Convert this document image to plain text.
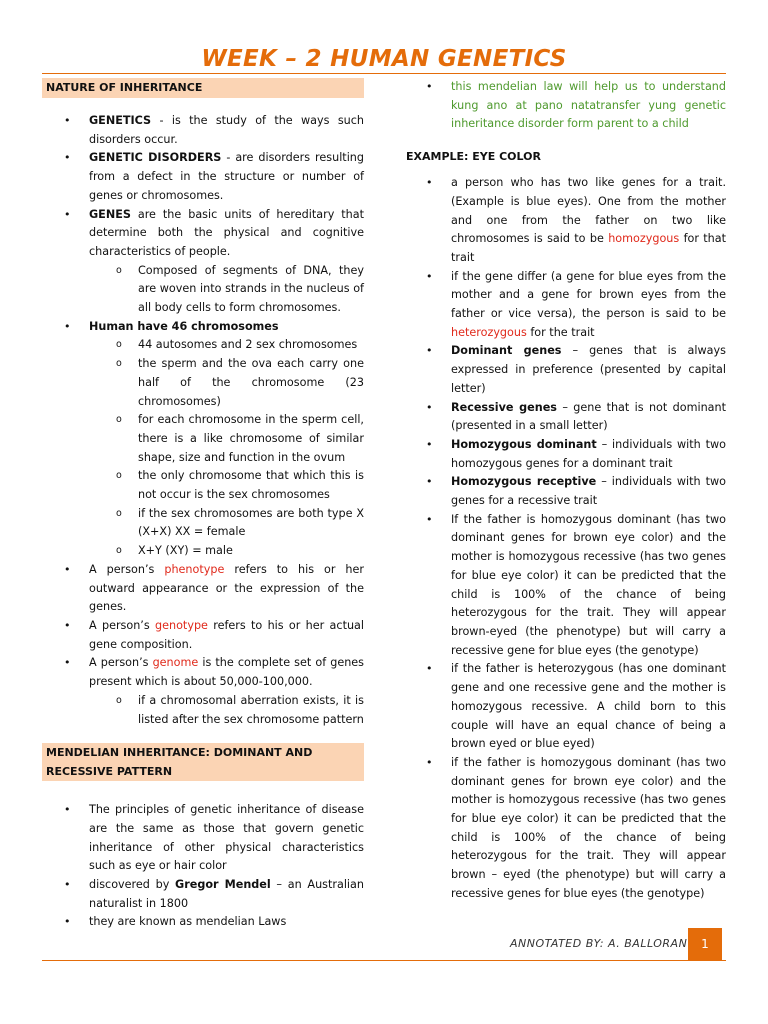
WEEK – 2 HUMAN GENETICS
NATURE OF INHERITANCE
• GENETICS - is the study of the ways such disorders occur.
• GENETIC DISORDERS - are disorders resulting from a defect in the structure or number of genes or chromosomes.
• GENES are the basic units of hereditary that determine both the physical and cognitive characteristics of people.
o Composed of segments of DNA, they are woven into strands in the nucleus of all body cells to form chromosomes.
• Human have 46 chromosomes
o 44 autosomes and 2 sex chromosomes
o the sperm and the ova each carry one half of the chromosome (23 chromosomes)
o for each chromosome in the sperm cell, there is a like chromosome of similar shape, size and function in the ovum
o the only chromosome that which this is not occur is the sex chromosomes
o if the sex chromosomes are both type X (X+X) XX = female
o X+Y (XY) = male
• A person’s phenotype refers to his or her outward appearance or the expression of the genes.
• A person’s genotype refers to his or her actual gene composition.
• A person’s genome is the complete set of genes present which is about 50,000-100,000.
o if a chromosomal aberration exists, it is listed after the sex chromosome pattern
MENDELIAN INHERITANCE: DOMINANT AND RECESSIVE PATTERN
• The principles of genetic inheritance of disease are the same as those that govern genetic inheritance of other physical characteristics such as eye or hair color
• discovered by Gregor Mendel – an Australian naturalist in 1800
• they are known as mendelian Laws
• this mendelian law will help us to understand kung ano at pano natatransfer yung genetic inheritance disorder form parent to a child
EXAMPLE: EYE COLOR
• a person who has two like genes for a trait. (Example is blue eyes). One from the mother and one from the father on two like chromosomes is said to be homozygous for that trait
• if the gene differ (a gene for blue eyes from the mother and a gene for brown eyes from the father or vice versa), the person is said to be heterozygous for the trait
• Dominant genes – genes that is always expressed in preference (presented by capital letter)
• Recessive genes – gene that is not dominant (presented in a small letter)
• Homozygous dominant – individuals with two homozygous genes for a dominant trait
• Homozygous receptive – individuals with two genes for a recessive trait
• If the father is homozygous dominant (has two dominant genes for brown eye color) and the mother is homozygous recessive (has two genes for blue eye color) it can be predicted that the child is 100% of the chance of being heterozygous for the trait. They will appear brown-eyed (the phenotype) but will carry a recessive gene for blue eyes (the genotype)
• if the father is heterozygous (has one dominant gene and one recessive gene and the mother is homozygous recessive. A child born to this couple will have an equal chance of being a brown eyed or blue eyed)
• if the father is homozygous dominant (has two dominant genes for brown eye color) and the mother is homozygous recessive (has two genes for blue eye color) it can be predicted that the child is 100% of the chance of being heterozygous for the trait. They will appear brown – eyed (the phenotype) but will carry a recessive genes for blue eyes (the genotype)
ANNOTATED BY: A. BALLORAN	1
